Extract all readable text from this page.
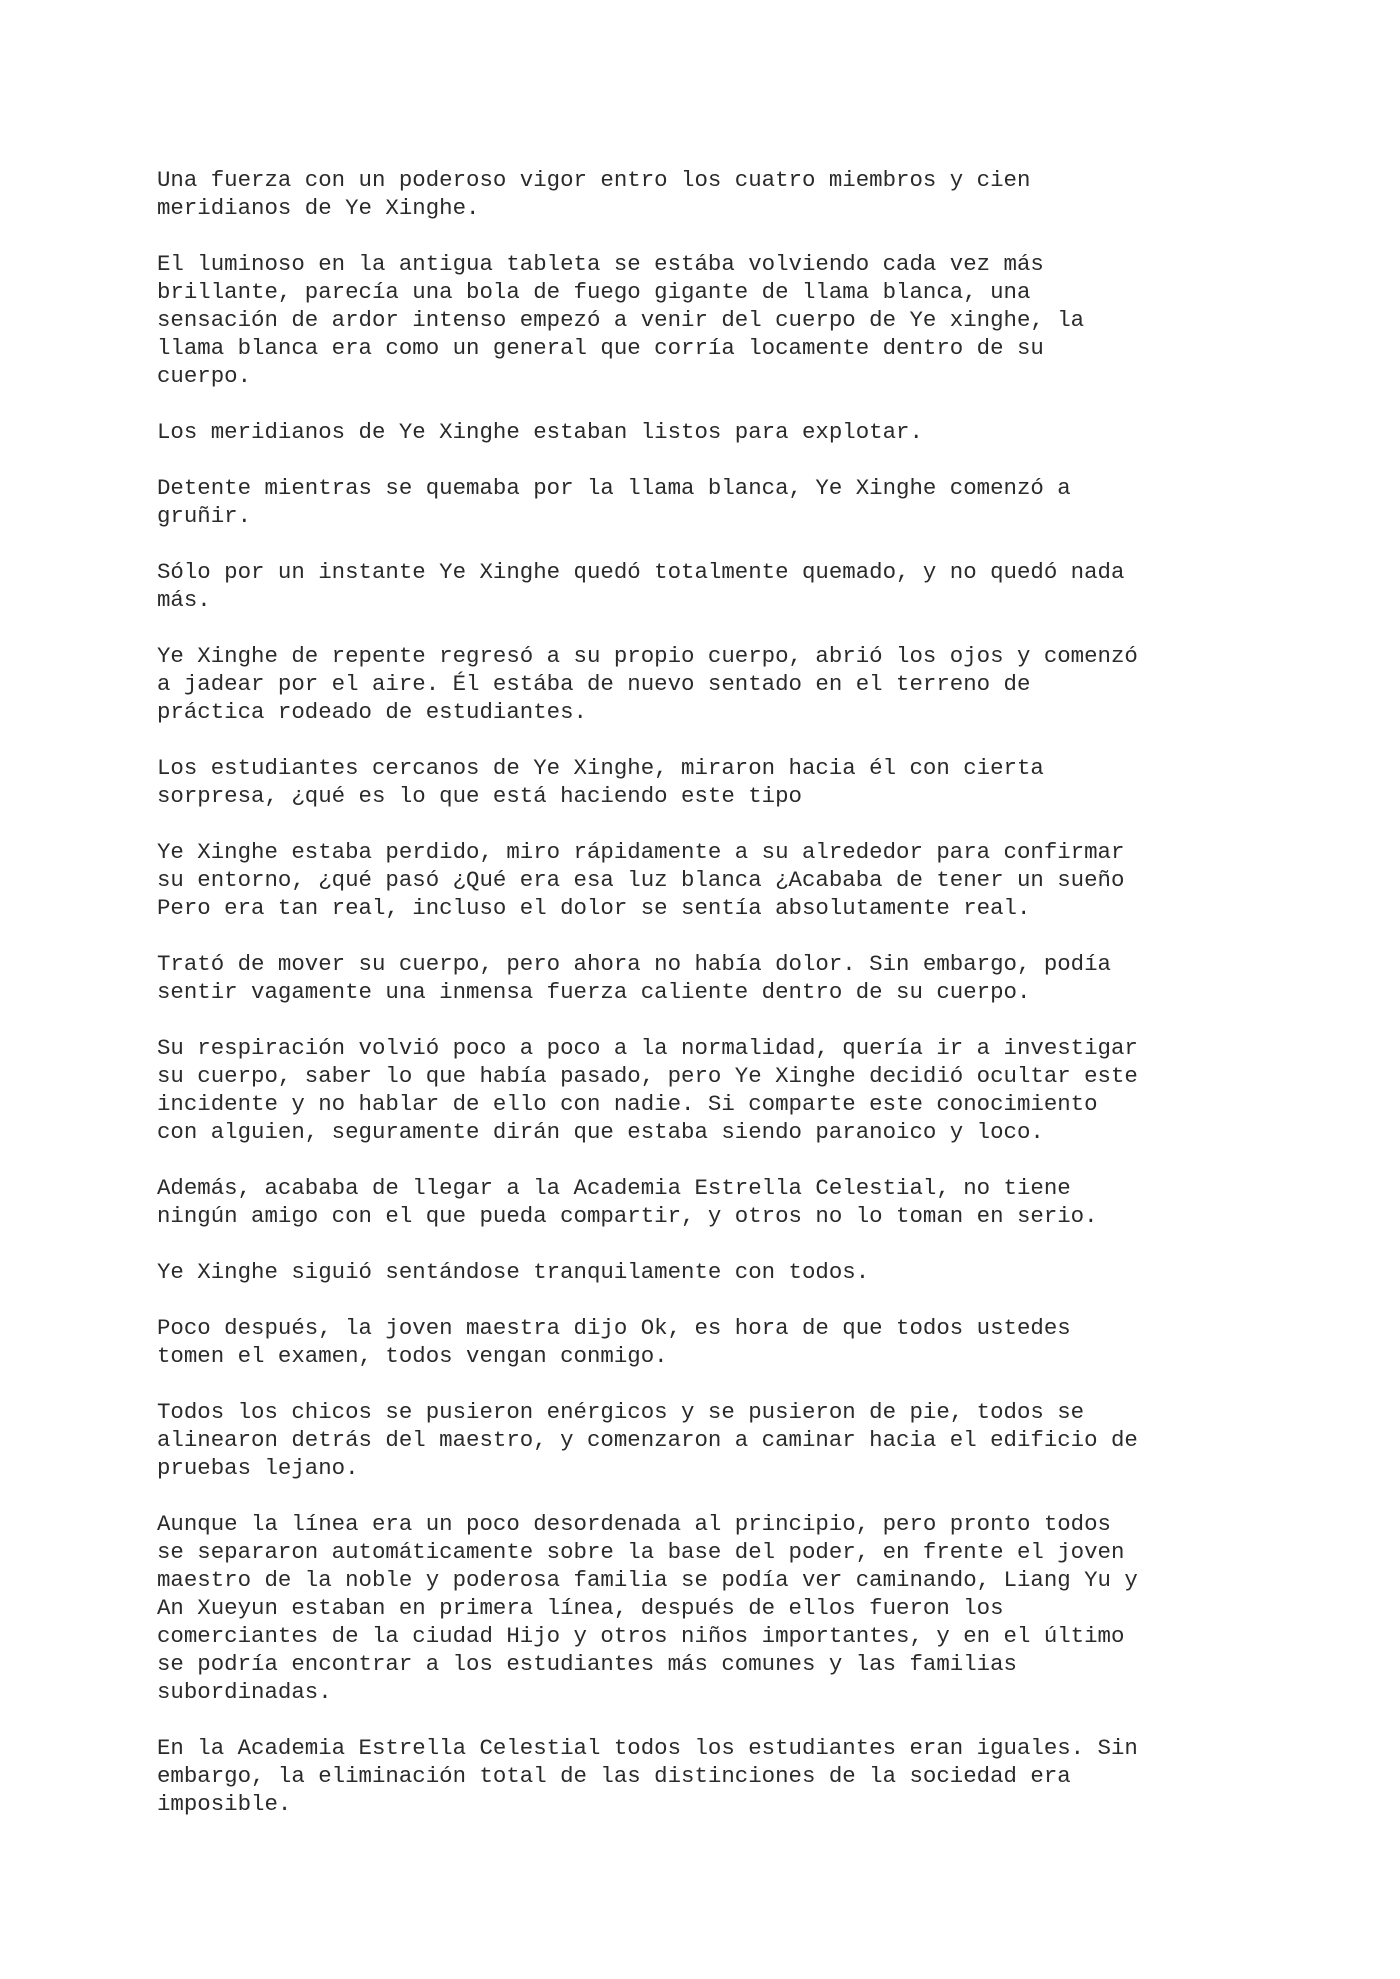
Una fuerza con un poderoso vigor entro los cuatro miembros y cien
meridianos de Ye Xinghe.

El luminoso en la antigua tableta se estába volviendo cada vez más
brillante, parecía una bola de fuego gigante de llama blanca, una
sensación de ardor intenso empezó a venir del cuerpo de Ye xinghe, la
llama blanca era como un general que corría locamente dentro de su
cuerpo.

Los meridianos de Ye Xinghe estaban listos para explotar.

Detente mientras se quemaba por la llama blanca, Ye Xinghe comenzó a
gruñir.

Sólo por un instante Ye Xinghe quedó totalmente quemado, y no quedó nada
más.

Ye Xinghe de repente regresó a su propio cuerpo, abrió los ojos y comenzó
a jadear por el aire. Él estába de nuevo sentado en el terreno de
práctica rodeado de estudiantes.

Los estudiantes cercanos de Ye Xinghe, miraron hacia él con cierta
sorpresa, ¿qué es lo que está haciendo este tipo

Ye Xinghe estaba perdido, miro rápidamente a su alrededor para confirmar
su entorno, ¿qué pasó ¿Qué era esa luz blanca ¿Acababa de tener un sueño
Pero era tan real, incluso el dolor se sentía absolutamente real.

Trató de mover su cuerpo, pero ahora no había dolor. Sin embargo, podía
sentir vagamente una inmensa fuerza caliente dentro de su cuerpo.

Su respiración volvió poco a poco a la normalidad, quería ir a investigar
su cuerpo, saber lo que había pasado, pero Ye Xinghe decidió ocultar este
incidente y no hablar de ello con nadie. Si comparte este conocimiento
con alguien, seguramente dirán que estaba siendo paranoico y loco.

Además, acababa de llegar a la Academia Estrella Celestial, no tiene
ningún amigo con el que pueda compartir, y otros no lo toman en serio.

Ye Xinghe siguió sentándose tranquilamente con todos.

Poco después, la joven maestra dijo Ok, es hora de que todos ustedes
tomen el examen, todos vengan conmigo.

Todos los chicos se pusieron enérgicos y se pusieron de pie, todos se
alinearon detrás del maestro, y comenzaron a caminar hacia el edificio de
pruebas lejano.

Aunque la línea era un poco desordenada al principio, pero pronto todos
se separaron automáticamente sobre la base del poder, en frente el joven
maestro de la noble y poderosa familia se podía ver caminando, Liang Yu y
An Xueyun estaban en primera línea, después de ellos fueron los
comerciantes de la ciudad Hijo y otros niños importantes, y en el último
se podría encontrar a los estudiantes más comunes y las familias
subordinadas.

En la Academia Estrella Celestial todos los estudiantes eran iguales. Sin
embargo, la eliminación total de las distinciones de la sociedad era
imposible.
